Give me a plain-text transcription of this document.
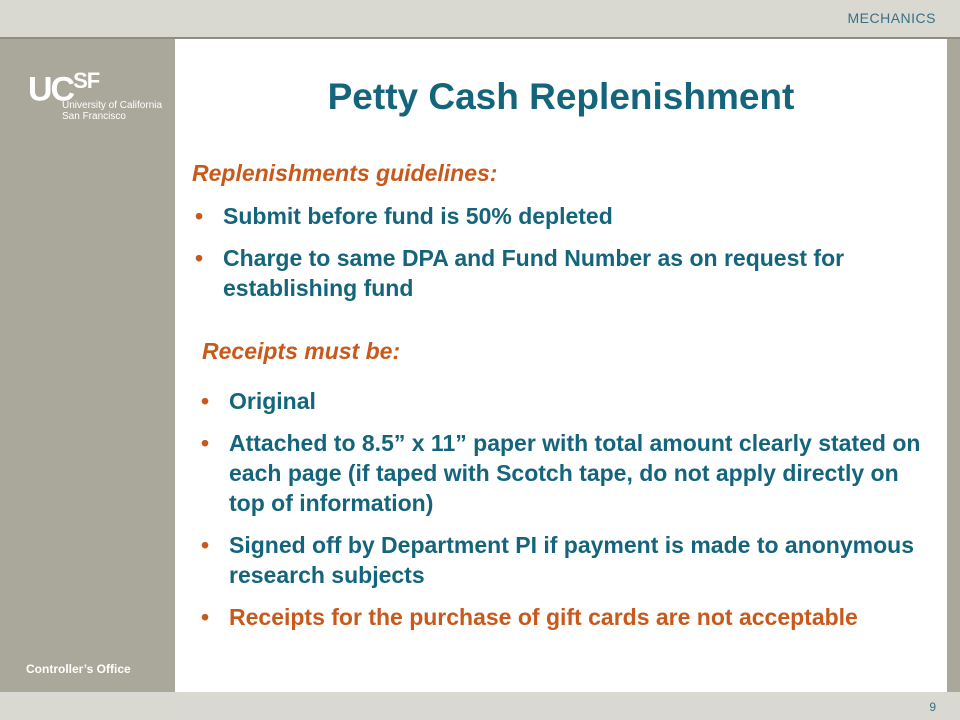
MECHANICS
$UC^{SF}$
University of California
San Francisco
Controller’s Office
9
Petty Cash Replenishment
Replenishments guidelines:
• Submit before fund is 50% depleted
• Charge to same DPA and Fund Number as on request for establishing fund
Receipts must be:
• Original
• Attached to 8.5” x 11” paper with total amount clearly stated on each page (if taped with Scotch tape, do not apply directly on top of information)
• Signed off by Department PI if payment is made to anonymous research subjects
• Receipts for the purchase of gift cards are not acceptable
